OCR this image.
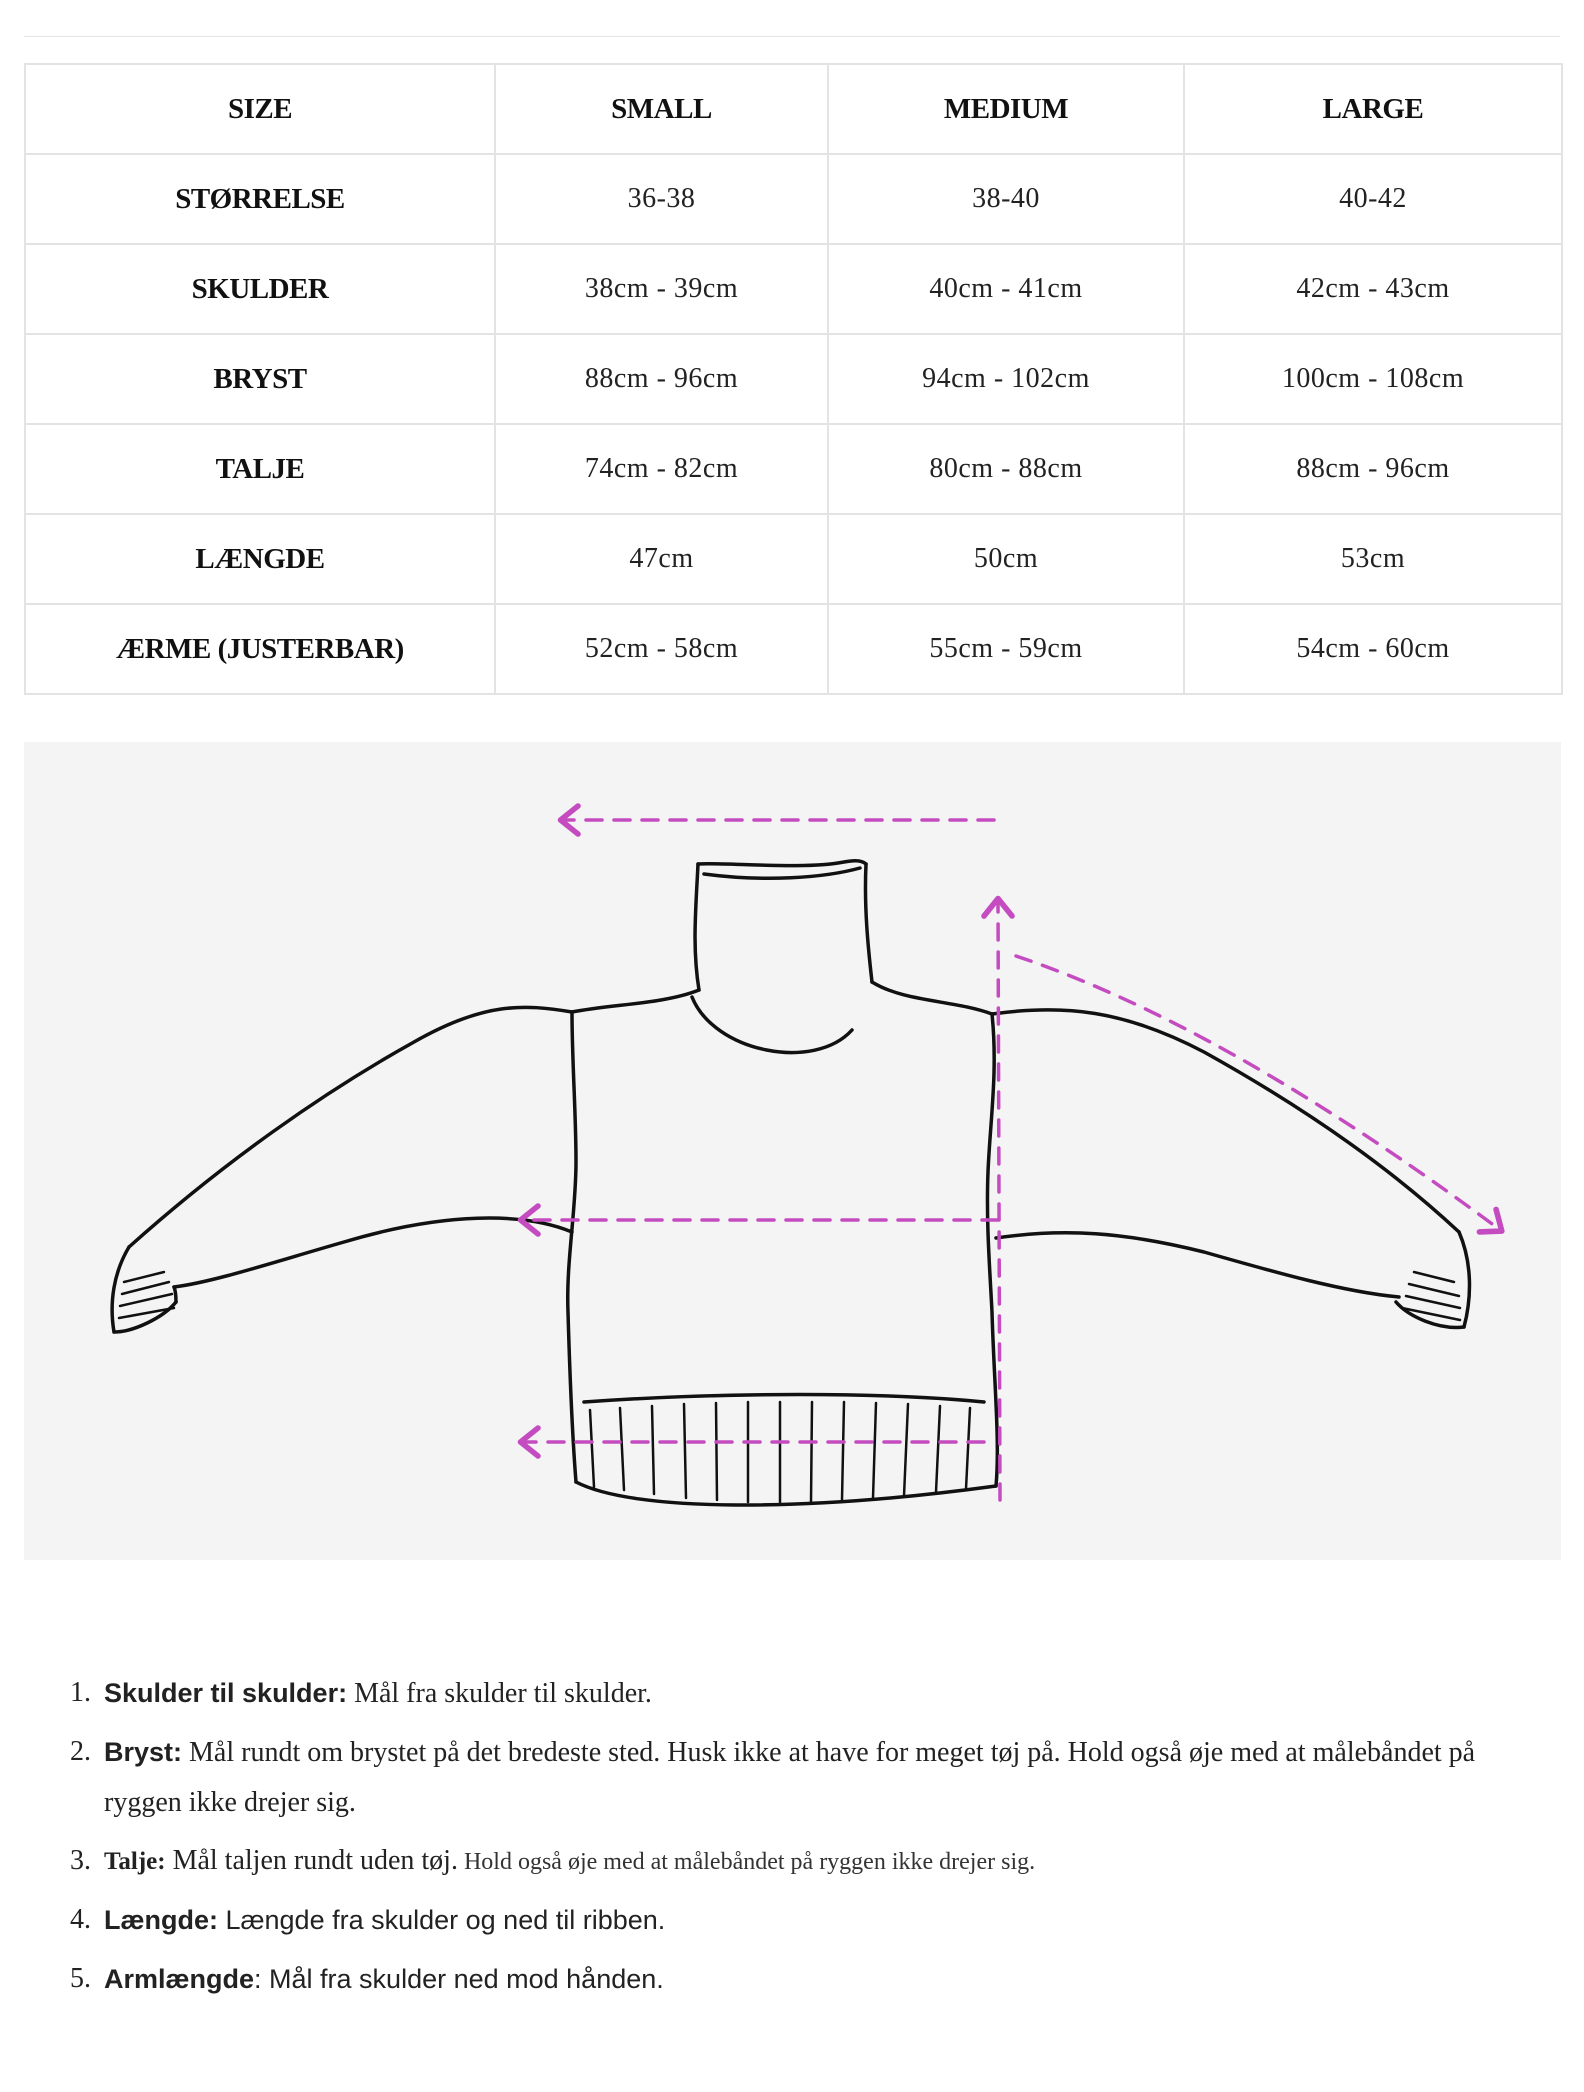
SIZE	SMALL	MEDIUM	LARGE
STØRRELSE	36-38	38-40	40-42
SKULDER	38cm - 39cm	40cm - 41cm	42cm - 43cm
BRYST	88cm - 96cm	94cm - 102cm	100cm - 108cm
TALJE	74cm - 82cm	80cm - 88cm	88cm - 96cm
LÆNGDE	47cm	50cm	53cm
ÆRME (JUSTERBAR)	52cm - 58cm	55cm - 59cm	54cm - 60cm
1. Skulder til skulder: Mål fra skulder til skulder.
2. Bryst: Mål rundt om brystet på det bredeste sted. Husk ikke at have for meget tøj på. Hold også øje med at målebåndet på ryggen ikke drejer sig.
3. Talje: Mål taljen rundt uden tøj. Hold også øje med at målebåndet på ryggen ikke drejer sig.
4. Længde: Længde fra skulder og ned til ribben.
5. Armlængde: Mål fra skulder ned mod hånden.
